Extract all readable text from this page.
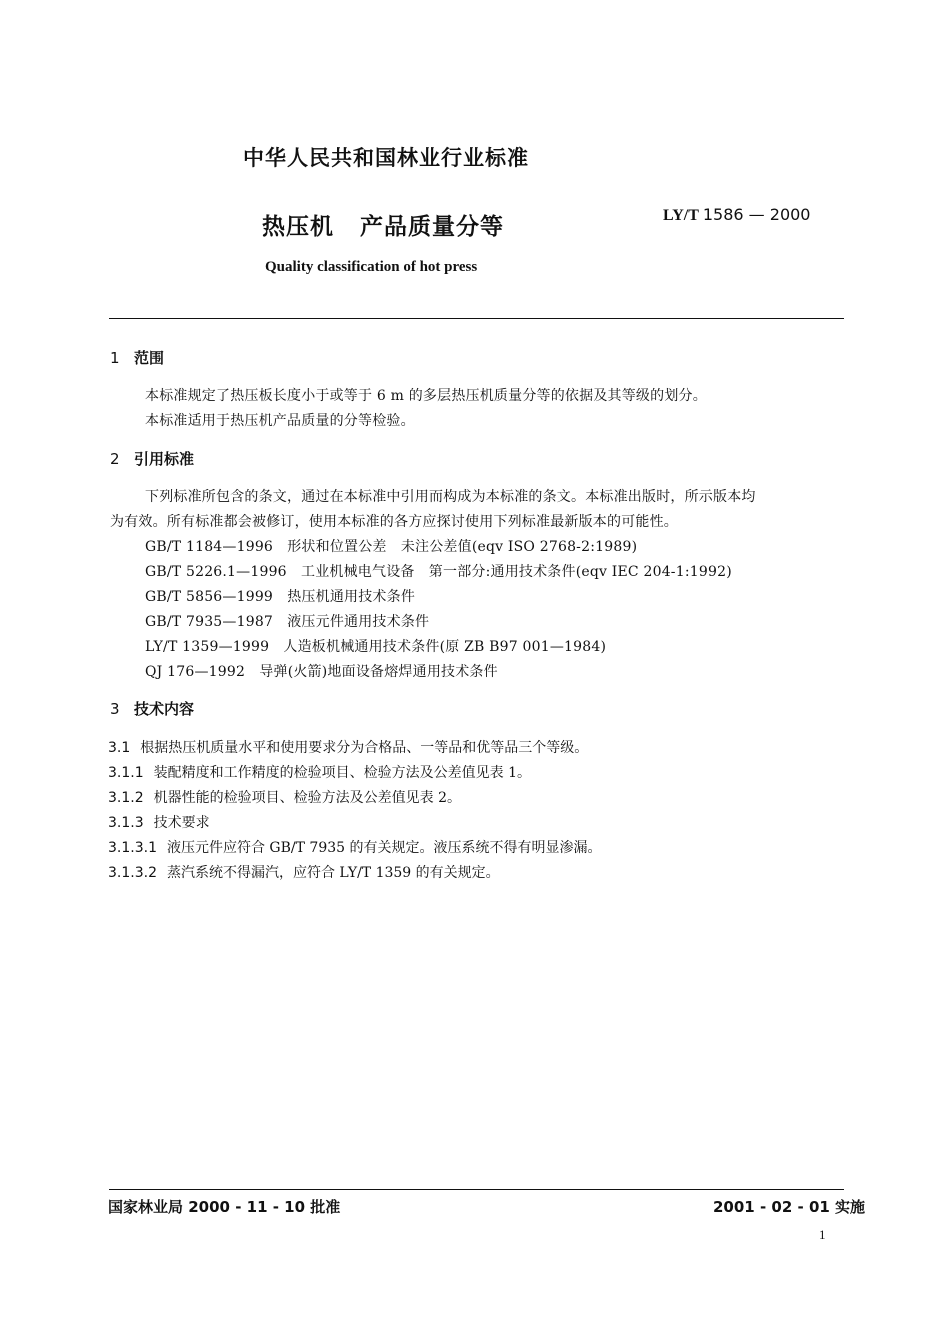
中华人民共和国林业行业标准
热压机 产品质量分等	LY/T 1586 — 2000
Quality classification of hot press
1 范围
本标准规定了热压板长度小于或等于 6 m 的多层热压机质量分等的依据及其等级的划分。
本标准适用于热压机产品质量的分等检验。
2 引用标准
下列标准所包含的条文，通过在本标准中引用而构成为本标准的条文。本标准出版时，所示版本均
为有效。所有标准都会被修订，使用本标准的各方应探讨使用下列标准最新版本的可能性。
GB/T 1184—1996　形状和位置公差　未注公差值(eqv ISO 2768-2:1989)
GB/T 5226.1—1996　工业机械电气设备　第一部分:通用技术条件(eqv IEC 204-1:1992)
GB/T 5856—1999　热压机通用技术条件
GB/T 7935—1987　液压元件通用技术条件
LY/T 1359—1999　人造板机械通用技术条件(原 ZB B97 001—1984)
QJ 176—1992　导弹(火箭)地面设备熔焊通用技术条件
3 技术内容
3.1 根据热压机质量水平和使用要求分为合格品、一等品和优等品三个等级。
3.1.1 装配精度和工作精度的检验项目、检验方法及公差值见表 1。
3.1.2 机器性能的检验项目、检验方法及公差值见表 2。
3.1.3 技术要求
3.1.3.1 液压元件应符合 GB/T 7935 的有关规定。液压系统不得有明显渗漏。
3.1.3.2 蒸汽系统不得漏汽，应符合 LY/T 1359 的有关规定。
国家林业局 2000 - 11 - 10 批准	2001 - 02 - 01 实施
1
